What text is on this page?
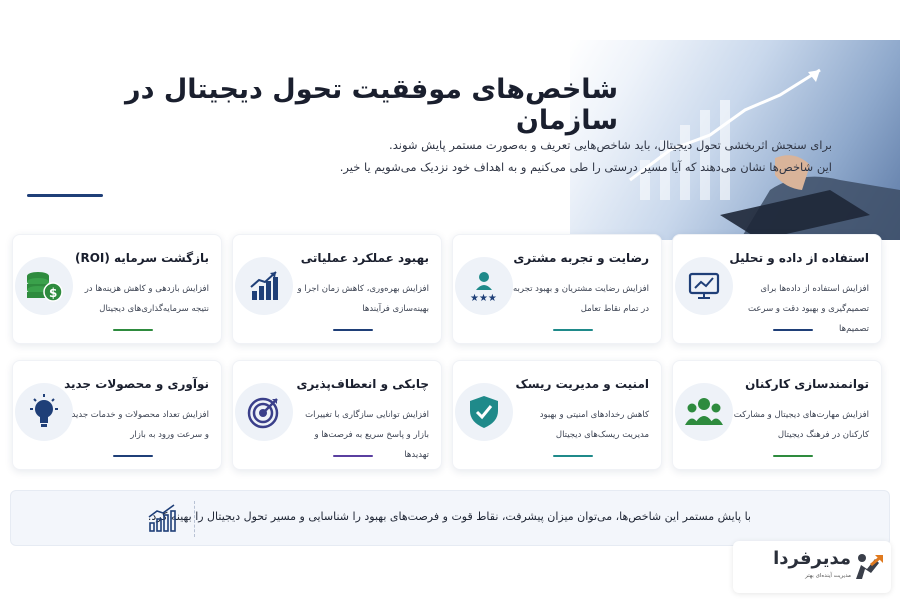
شاخص‌های موفقیت تحول دیجیتال در سازمان
برای سنجش اثربخشی تحول دیجیتال، باید شاخص‌هایی تعریف و به‌صورت مستمر پایش شوند.
این شاخص‌ها نشان می‌دهند که آیا مسیر درستی را طی می‌کنیم و به اهداف خود نزدیک می‌شویم یا خیر.
استفاده از داده و تحلیل
افزایش استفاده از داده‌ها برای تصمیم‌گیری و بهبود دقت و سرعت تصمیم‌ها
★★★
رضایت و تجربه مشتری
افزایش رضایت مشتریان و بهبود تجربه در تمام نقاط تعامل
بهبود عملکرد عملیاتی
افزایش بهره‌وری، کاهش زمان اجرا و بهینه‌سازی فرآیندها
$
بازگشت سرمایه (ROI)
افزایش بازدهی و کاهش هزینه‌ها در نتیجه سرمایه‌گذاری‌های دیجیتال
توانمندسازی کارکنان
افزایش مهارت‌های دیجیتال و مشارکت کارکنان در فرهنگ دیجیتال
امنیت و مدیریت ریسک
کاهش رخدادهای امنیتی و بهبود مدیریت ریسک‌های دیجیتال
چابکی و انعطاف‌پذیری
افزایش توانایی سازگاری با تغییرات بازار و پاسخ سریع به فرصت‌ها و تهدیدها
نوآوری و محصولات جدید
افزایش تعداد محصولات و خدمات جدید و سرعت ورود به بازار
با پایش مستمر این شاخص‌ها، می‌توان میزان پیشرفت، نقاط قوت و فرصت‌های بهبود را شناسایی و مسیر تحول دیجیتال را بهینه کرد.
مدیرفردا
مدیریت آینده‌ای بهتر
